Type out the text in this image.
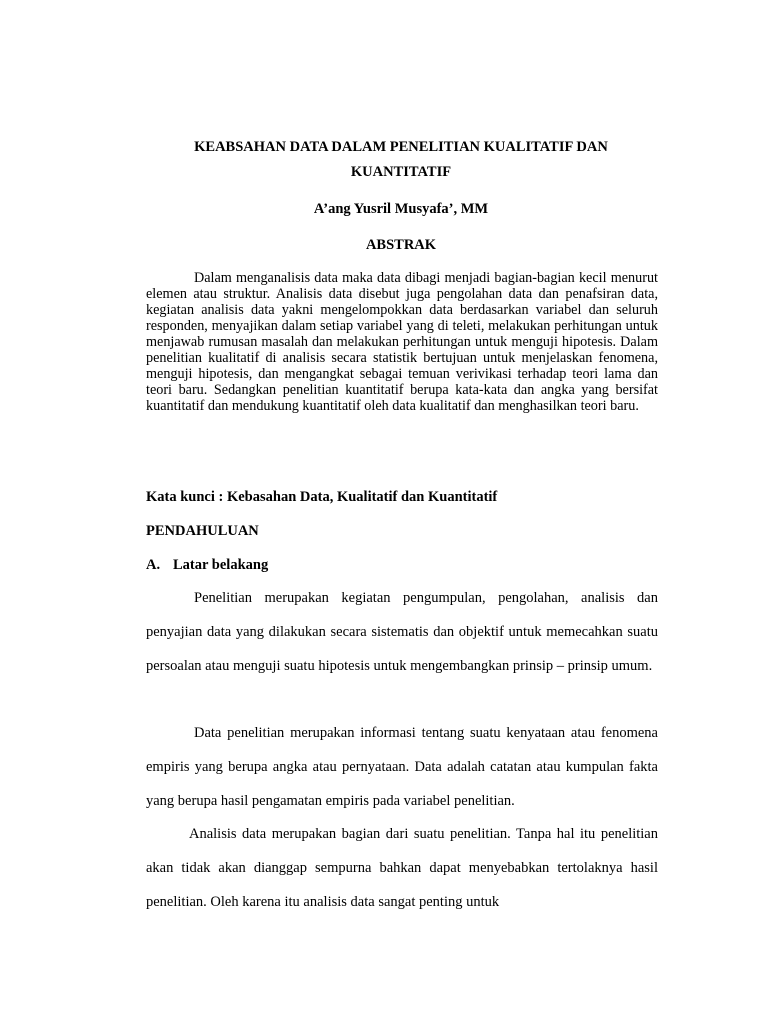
KEABSAHAN DATA DALAM PENELITIAN KUALITATIF DAN
KUANTITATIF

A’ang Yusril Musyafa’, MM

ABSTRAK

Dalam menganalisis data maka data dibagi menjadi bagian-bagian kecil menurut elemen atau struktur. Analisis data disebut juga pengolahan data dan penafsiran data, kegiatan analisis data yakni mengelompokkan data berdasarkan variabel dan seluruh responden, menyajikan dalam setiap variabel yang di teleti, melakukan perhitungan untuk menjawab rumusan masalah dan melakukan perhitungan untuk menguji hipotesis. Dalam penelitian kualitatif di analisis secara statistik bertujuan untuk menjelaskan fenomena, menguji hipotesis, dan mengangkat sebagai temuan verivikasi terhadap teori lama dan teori baru. Sedangkan penelitian kuantitatif berupa kata-kata dan angka yang bersifat kuantitatif dan mendukung kuantitatif oleh data kualitatif dan menghasilkan teori baru.

Kata kunci : Kebasahan Data, Kualitatif dan Kuantitatif

PENDAHULUAN
A. Latar belakang

Penelitian merupakan kegiatan pengumpulan, pengolahan, analisis dan penyajian data yang dilakukan secara sistematis dan objektif untuk memecahkan suatu persoalan atau menguji suatu hipotesis untuk mengembangkan prinsip – prinsip umum.

Data penelitian merupakan informasi tentang suatu kenyataan atau fenomena empiris yang berupa angka atau pernyataan. Data adalah catatan atau kumpulan fakta yang berupa hasil pengamatan empiris pada variabel penelitian.

Analisis data merupakan bagian dari suatu penelitian. Tanpa hal itu penelitian akan tidak akan dianggap sempurna bahkan dapat menyebabkan tertolaknya hasil penelitian. Oleh karena itu analisis data sangat penting untuk
